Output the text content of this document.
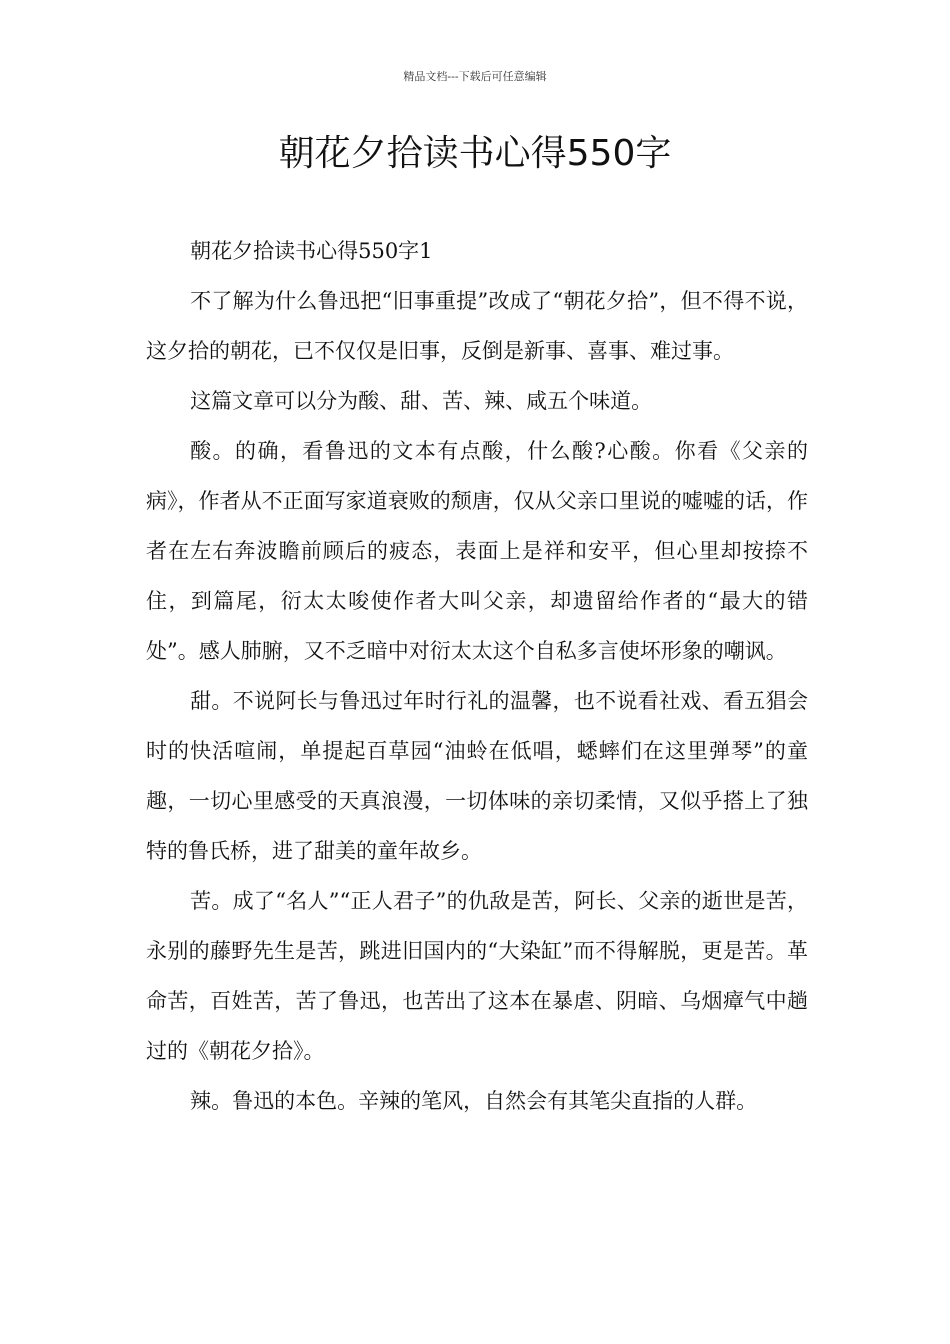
精品文档---下载后可任意编辑
朝花夕拾读书心得550字

朝花夕拾读书心得550字1

不了解为什么鲁迅把“旧事重提”改成了“朝花夕拾”，但不得不说，这夕拾的朝花，已不仅仅是旧事，反倒是新事、喜事、难过事。

这篇文章可以分为酸、甜、苦、辣、咸五个味道。

酸。的确，看鲁迅的文本有点酸，什么酸?心酸。你看《父亲的病》，作者从不正面写家道衰败的颓唐，仅从父亲口里说的嘘嘘的话，作者在左右奔波瞻前顾后的疲态，表面上是祥和安平，但心里却按捺不住，到篇尾，衍太太唆使作者大叫父亲，却遗留给作者的“最大的错处”。感人肺腑，又不乏暗中对衍太太这个自私多言使坏形象的嘲讽。

甜。不说阿长与鲁迅过年时行礼的温馨，也不说看社戏、看五猖会时的快活喧闹，单提起百草园“油蛉在低唱，蟋蟀们在这里弹琴”的童趣，一切心里感受的天真浪漫，一切体味的亲切柔情，又似乎搭上了独特的鲁氏桥，进了甜美的童年故乡。

苦。成了“名人”“正人君子”的仇敌是苦，阿长、父亲的逝世是苦，永别的藤野先生是苦，跳进旧国内的“大染缸”而不得解脱，更是苦。革命苦，百姓苦，苦了鲁迅，也苦出了这本在暴虐、阴暗、乌烟瘴气中趟过的《朝花夕拾》。

辣。鲁迅的本色。辛辣的笔风，自然会有其笔尖直指的人群。
